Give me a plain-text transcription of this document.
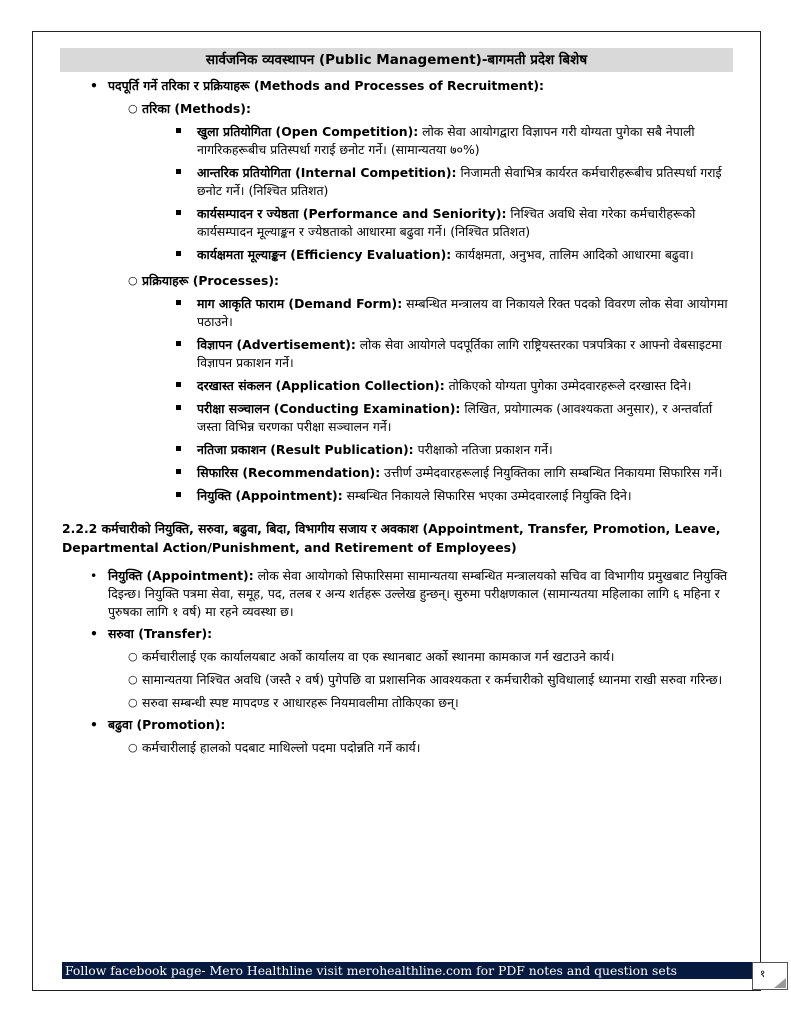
सार्वजनिक व्यवस्थापन (Public Management)-बागमती प्रदेश बिशेष
• पदपूर्ति गर्ने तरिका र प्रक्रियाहरू (Methods and Processes of Recruitment):
○ तरिका (Methods):
खुला प्रतियोगिता (Open Competition): लोक सेवा आयोगद्वारा विज्ञापन गरी योग्यता पुगेका सबै नेपाली नागरिकहरूबीच प्रतिस्पर्धा गराई छनोट गर्ने। (सामान्यतया ७०%)
आन्तरिक प्रतियोगिता (Internal Competition): निजामती सेवाभित्र कार्यरत कर्मचारीहरूबीच प्रतिस्पर्धा गराई छनोट गर्ने। (निश्चित प्रतिशत)
कार्यसम्पादन र ज्येष्ठता (Performance and Seniority): निश्चित अवधि सेवा गरेका कर्मचारीहरूको कार्यसम्पादन मूल्याङ्कन र ज्येष्ठताको आधारमा बढुवा गर्ने। (निश्चित प्रतिशत)
कार्यक्षमता मूल्याङ्कन (Efficiency Evaluation): कार्यक्षमता, अनुभव, तालिम आदिको आधारमा बढुवा।
○ प्रक्रियाहरू (Processes):
माग आकृति फाराम (Demand Form): सम्बन्धित मन्त्रालय वा निकायले रिक्त पदको विवरण लोक सेवा आयोगमा पठाउने।
विज्ञापन (Advertisement): लोक सेवा आयोगले पदपूर्तिका लागि राष्ट्रियस्तरका पत्रपत्रिका र आफ्नो वेबसाइटमा विज्ञापन प्रकाशन गर्ने।
दरखास्त संकलन (Application Collection): तोकिएको योग्यता पुगेका उम्मेदवारहरूले दरखास्त दिने।
परीक्षा सञ्चालन (Conducting Examination): लिखित, प्रयोगात्मक (आवश्यकता अनुसार), र अन्तर्वार्ता जस्ता विभिन्न चरणका परीक्षा सञ्चालन गर्ने।
नतिजा प्रकाशन (Result Publication): परीक्षाको नतिजा प्रकाशन गर्ने।
सिफारिस (Recommendation): उत्तीर्ण उम्मेदवारहरूलाई नियुक्तिका लागि सम्बन्धित निकायमा सिफारिस गर्ने।
नियुक्ति (Appointment): सम्बन्धित निकायले सिफारिस भएका उम्मेदवारलाई नियुक्ति दिने।
2.2.2 कर्मचारीको नियुक्ति, सरुवा, बढुवा, बिदा, विभागीय सजाय र अवकाश (Appointment, Transfer, Promotion, Leave, Departmental Action/Punishment, and Retirement of Employees)
• नियुक्ति (Appointment): लोक सेवा आयोगको सिफारिसमा सामान्यतया सम्बन्धित मन्त्रालयको सचिव वा विभागीय प्रमुखबाट नियुक्ति दिइन्छ। नियुक्ति पत्रमा सेवा, समूह, पद, तलब र अन्य शर्तहरू उल्लेख हुन्छन्। सुरुमा परीक्षणकाल (सामान्यतया महिलाका लागि ६ महिना र पुरुषका लागि १ वर्ष) मा रहने व्यवस्था छ।
• सरुवा (Transfer):
○ कर्मचारीलाई एक कार्यालयबाट अर्को कार्यालय वा एक स्थानबाट अर्को स्थानमा कामकाज गर्न खटाउने कार्य।
○ सामान्यतया निश्चित अवधि (जस्तै २ वर्ष) पुगेपछि वा प्रशासनिक आवश्यकता र कर्मचारीको सुविधालाई ध्यानमा राखी सरुवा गरिन्छ।
○ सरुवा सम्बन्धी स्पष्ट मापदण्ड र आधारहरू नियमावलीमा तोकिएका छन्।
• बढुवा (Promotion):
○ कर्मचारीलाई हालको पदबाट माथिल्लो पदमा पदोन्नति गर्ने कार्य।
Follow facebook page- Mero Healthline visit merohealthline.com for PDF notes and question sets	१
